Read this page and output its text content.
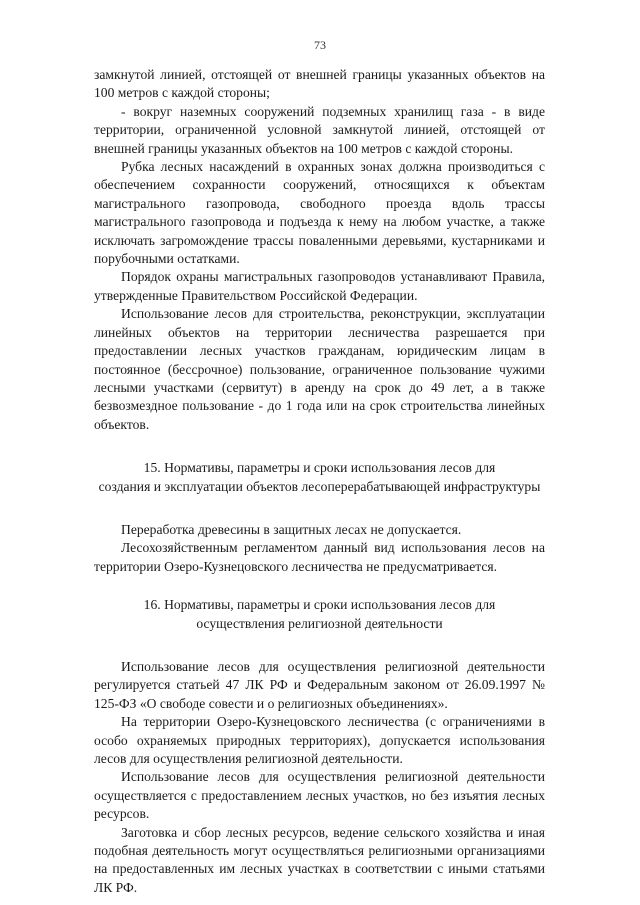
73

замкнутой линией, отстоящей от внешней границы указанных объектов на 100 метров с каждой стороны;

- вокруг наземных сооружений подземных хранилищ газа - в виде территории, ограниченной условной замкнутой линией, отстоящей от внешней границы указанных объектов на 100 метров с каждой стороны.

Рубка лесных насаждений в охранных зонах должна производиться с обеспечением сохранности сооружений, относящихся к объектам магистрального газопровода, свободного проезда вдоль трассы магистрального газопровода и подъезда к нему на любом участке, а также исключать загромождение трассы поваленными деревьями, кустарниками и порубочными остатками.

Порядок охраны магистральных газопроводов устанавливают Правила, утвержденные Правительством Российской Федерации.

Использование лесов для строительства, реконструкции, эксплуатации линейных объектов на территории лесничества разрешается при предоставлении лесных участков гражданам, юридическим лицам в постоянное (бессрочное) пользование, ограниченное пользование чужими лесными участками (сервитут) в аренду на срок до 49 лет, а в также безвозмездное пользование - до 1 года или на срок строительства линейных объектов.

15. Нормативы, параметры и сроки использования лесов для

создания и эксплуатации объектов лесоперерабатывающей инфраструктуры

Переработка древесины в защитных лесах не допускается.

Лесохозяйственным регламентом данный вид использования лесов на территории Озеро-Кузнецовского лесничества не предусматривается.

16. Нормативы, параметры и сроки использования лесов для

осуществления религиозной деятельности

Использование лесов для осуществления религиозной деятельности регулируется статьей 47 ЛК РФ и Федеральным законом от 26.09.1997 № 125-ФЗ «О свободе совести и о религиозных объединениях».

На территории Озеро-Кузнецовского лесничества (с ограничениями в особо охраняемых природных территориях), допускается использования лесов для осуществления религиозной деятельности.

Использование лесов для осуществления религиозной деятельности осуществляется с предоставлением лесных участков, но без изъятия лесных ресурсов.

Заготовка и сбор лесных ресурсов, ведение сельского хозяйства и иная подобная деятельность могут осуществляться религиозными организациями на предоставленных им лесных участках в соответствии с иными статьями ЛК РФ.
